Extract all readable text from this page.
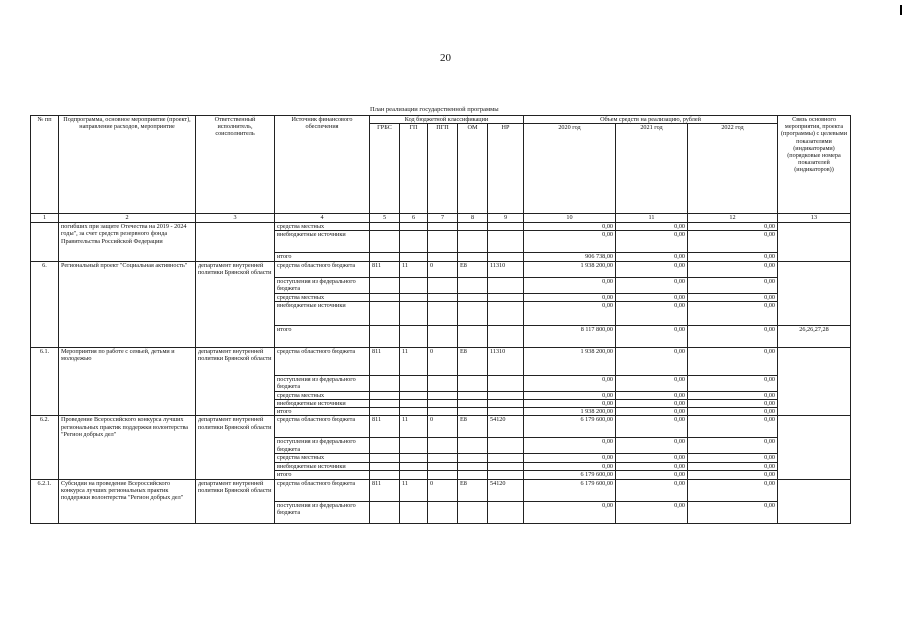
20
План реализации государственной программы
№ пп	Подпрограмма, основное мероприятие (проект), направление расходов, мероприятие	Ответственный исполнитель, соисполнитель	Источник финансового обеспечения	Код бюджетной классификации					Объем средств на реализацию, рублей			Связь основного мероприятия, проекта (программы) с целевыми показателями (индикаторами) (порядковые номера показателей (индикаторов))
				ГРБС	ГП	ПГП	ОМ	НР	2020 год	2021 год	2022 год	
1	2	3	4	5	6	7	8	9	10	11	12	13
	погибших при защите Отечества на 2019 - 2024 годы", за счет средств резервного фонда Правительства Российской Федерации		средства местных						0,00	0,00	0,00	
			внебюджетные источники						0,00	0,00	0,00	
			итого						906 738,00	0,00	0,00	
6.	Региональный проект "Социальная активность"	департамент внутренней политики Брянской области	средства областного бюджета	811	11	0	E8	11310	1 938 200,00	0,00	0,00	
			поступления из федерального бюджета						0,00	0,00	0,00	
			средства местных						0,00	0,00	0,00	
			внебюджетные источники						0,00	0,00	0,00	
			итого						8 117 800,00	0,00	0,00	26,26,27,28
6.1.	Мероприятия по работе с семьей, детьми и молодежью	департамент внутренней политики Брянской области	средства областного бюджета	811	11	0	E8	11310	1 938 200,00	0,00	0,00	
			поступления из федерального бюджета						0,00	0,00	0,00	
			средства местных						0,00	0,00	0,00	
			внебюджетные источники						0,00	0,00	0,00	
			итого						1 938 200,00	0,00	0,00	
6.2.	Проведение Всероссийского конкурса лучших региональных практик поддержки волонтерства "Регион добрых дел"	департамент внутренней политики Брянской области	средства областного бюджета	811	11	0	E8	54120	6 179 600,00	0,00	0,00	
			поступления из федерального бюджета						0,00	0,00	0,00	
			средства местных						0,00	0,00	0,00	
			внебюджетные источники						0,00	0,00	0,00	
			итого						6 179 600,00	0,00	0,00	
6.2.1.	Субсидии на проведение Всероссийского конкурса лучших региональных практик поддержки волонтерства "Регион добрых дел"	департамент внутренней политики Брянской области	средства областного бюджета	811	11	0	E8	54120	6 179 600,00	0,00	0,00	
			поступления из федерального бюджета						0,00	0,00	0,00	
